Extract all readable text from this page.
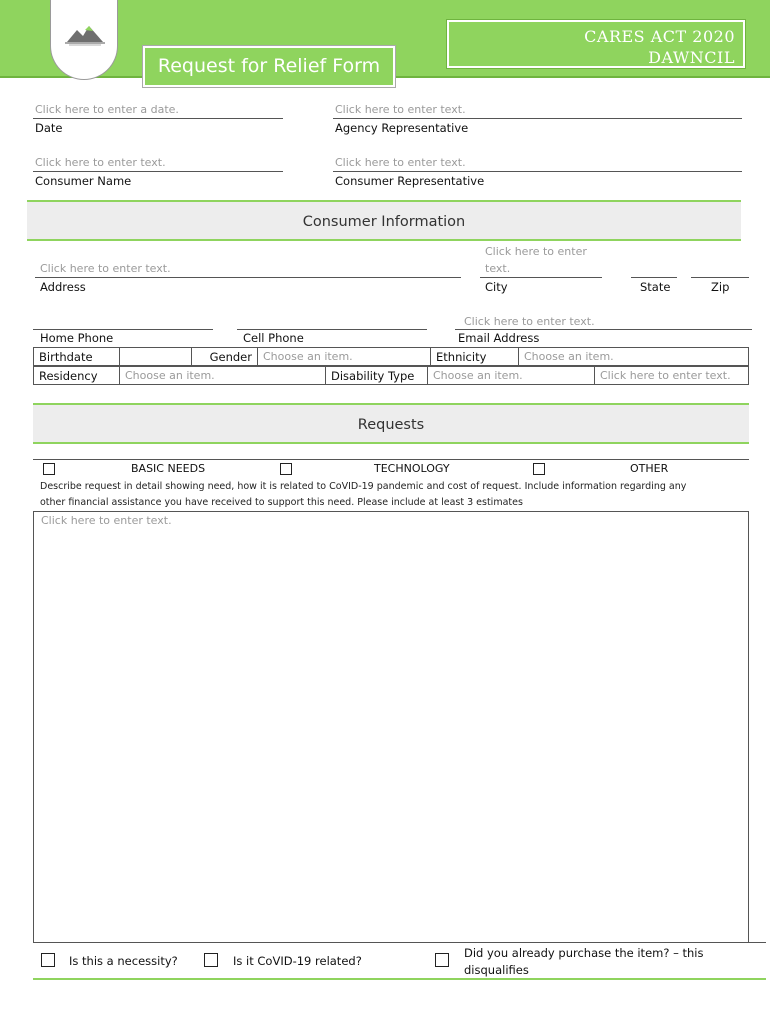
Request for Relief Form
CARES ACT 2020
DAWNCIL
Click here to enter a date.
Date
Click here to enter text.
Agency Representative
Click here to enter text.
Consumer Name
Click here to enter text.
Consumer Representative
Consumer Information
Click here to enter text.
Address
Click here to enter
text.
City	State	Zip
Home Phone	Cell Phone
Click here to enter text.
Email Address
Birthdate		Gender	Choose an item.	Ethnicity	Choose an item.
Residency	Choose an item.	Disability Type	Choose an item.	Click here to enter text.
Requests
BASIC NEEDS	TECHNOLOGY	OTHER
Describe request in detail showing need, how it is related to CoVID-19 pandemic and cost of request. Include information regarding any
other financial assistance you have received to support this need. Please include at least 3 estimates
Click here to enter text.
Is this a necessity?	Is it CoVID-19 related?
Did you already purchase the item? – this
disqualifies
